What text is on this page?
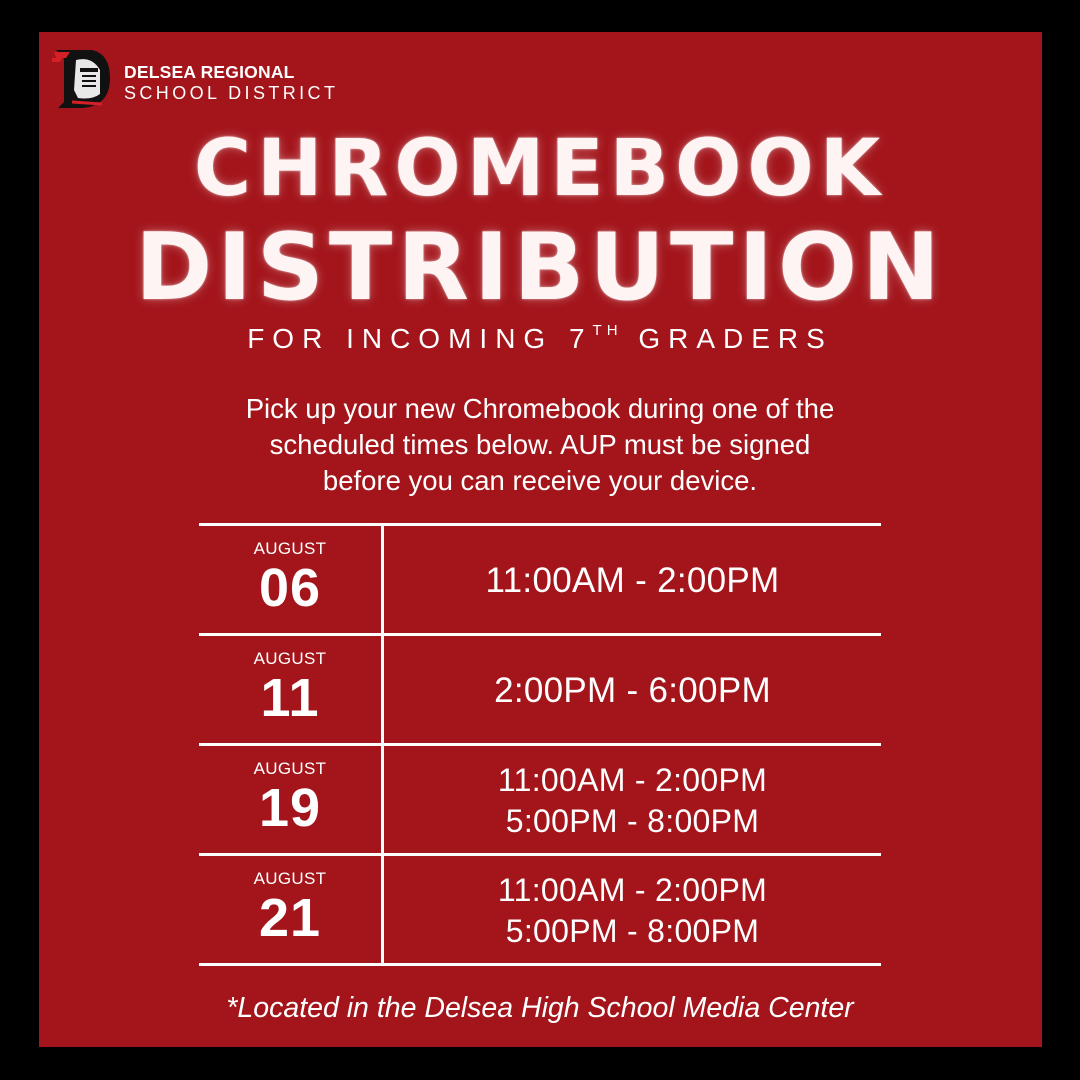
DELSEA REGIONAL
SCHOOL DISTRICT
CHROMEBOOK
DISTRIBUTION
FOR INCOMING 7TH GRADERS
Pick up your new Chromebook during one of the
scheduled times below. AUP must be signed
before you can receive your device.
AUGUST
06	11:00AM - 2:00PM
AUGUST
11	2:00PM - 6:00PM
AUGUST
19	11:00AM - 2:00PM
5:00PM - 8:00PM
AUGUST
21	11:00AM - 2:00PM
5:00PM - 8:00PM
*Located in the Delsea High School Media Center
